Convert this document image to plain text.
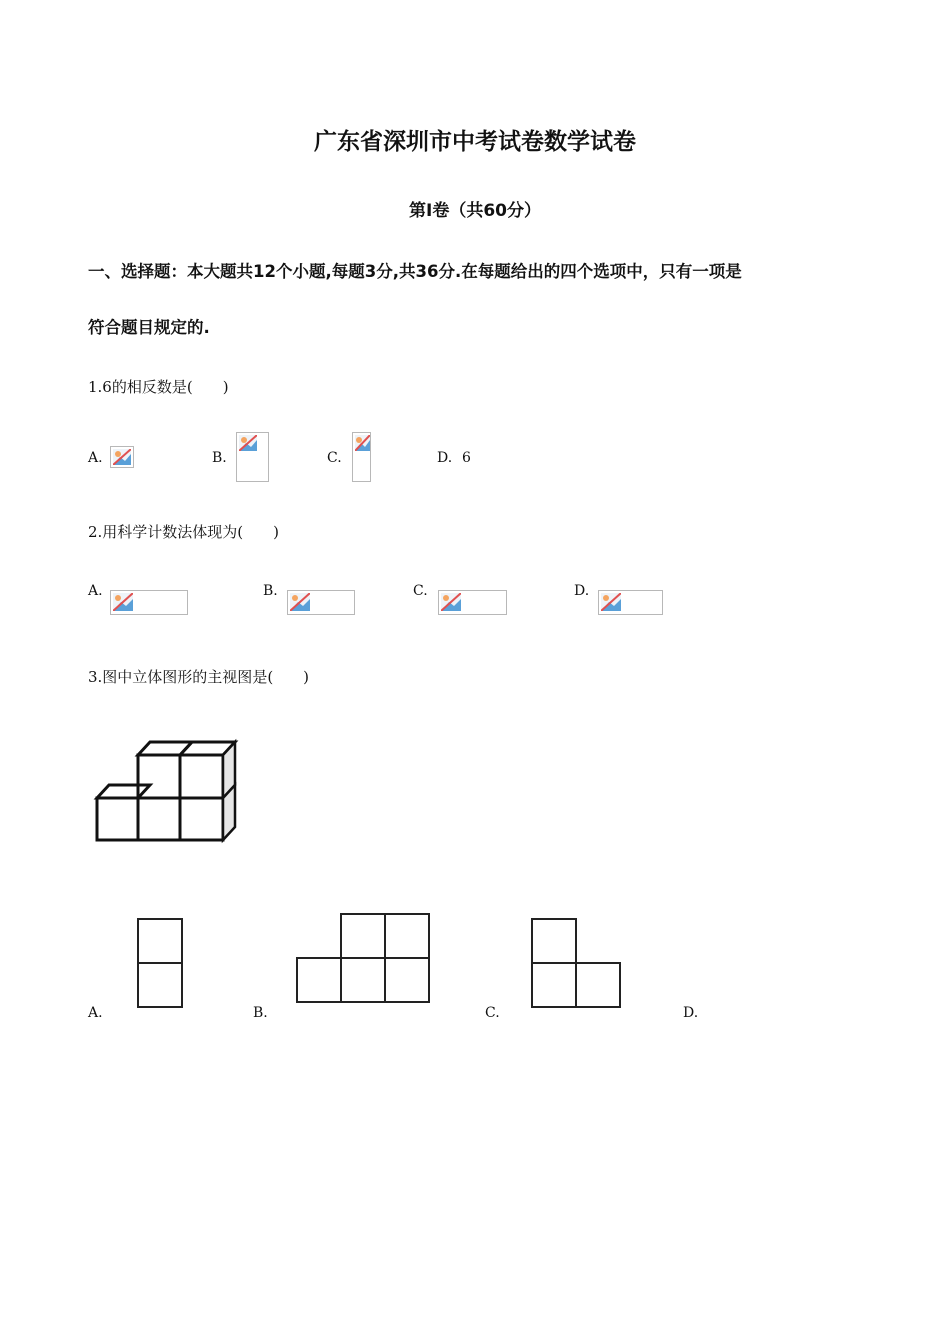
广东省深圳市中考试卷数学试卷
第Ⅰ卷（共60分）
一、选择题：本大题共12个小题,每题3分,共36分.在每题给出的四个选项中，只有一项是
符合题目规定的.
1.6的相反数是(　　)
A.	B.	C.	D. 6
2.用科学计数法体现为(　　)
A.	B.	C.	D.
3.图中立体图形的主视图是(　　)
A.	B.	C.	D.
